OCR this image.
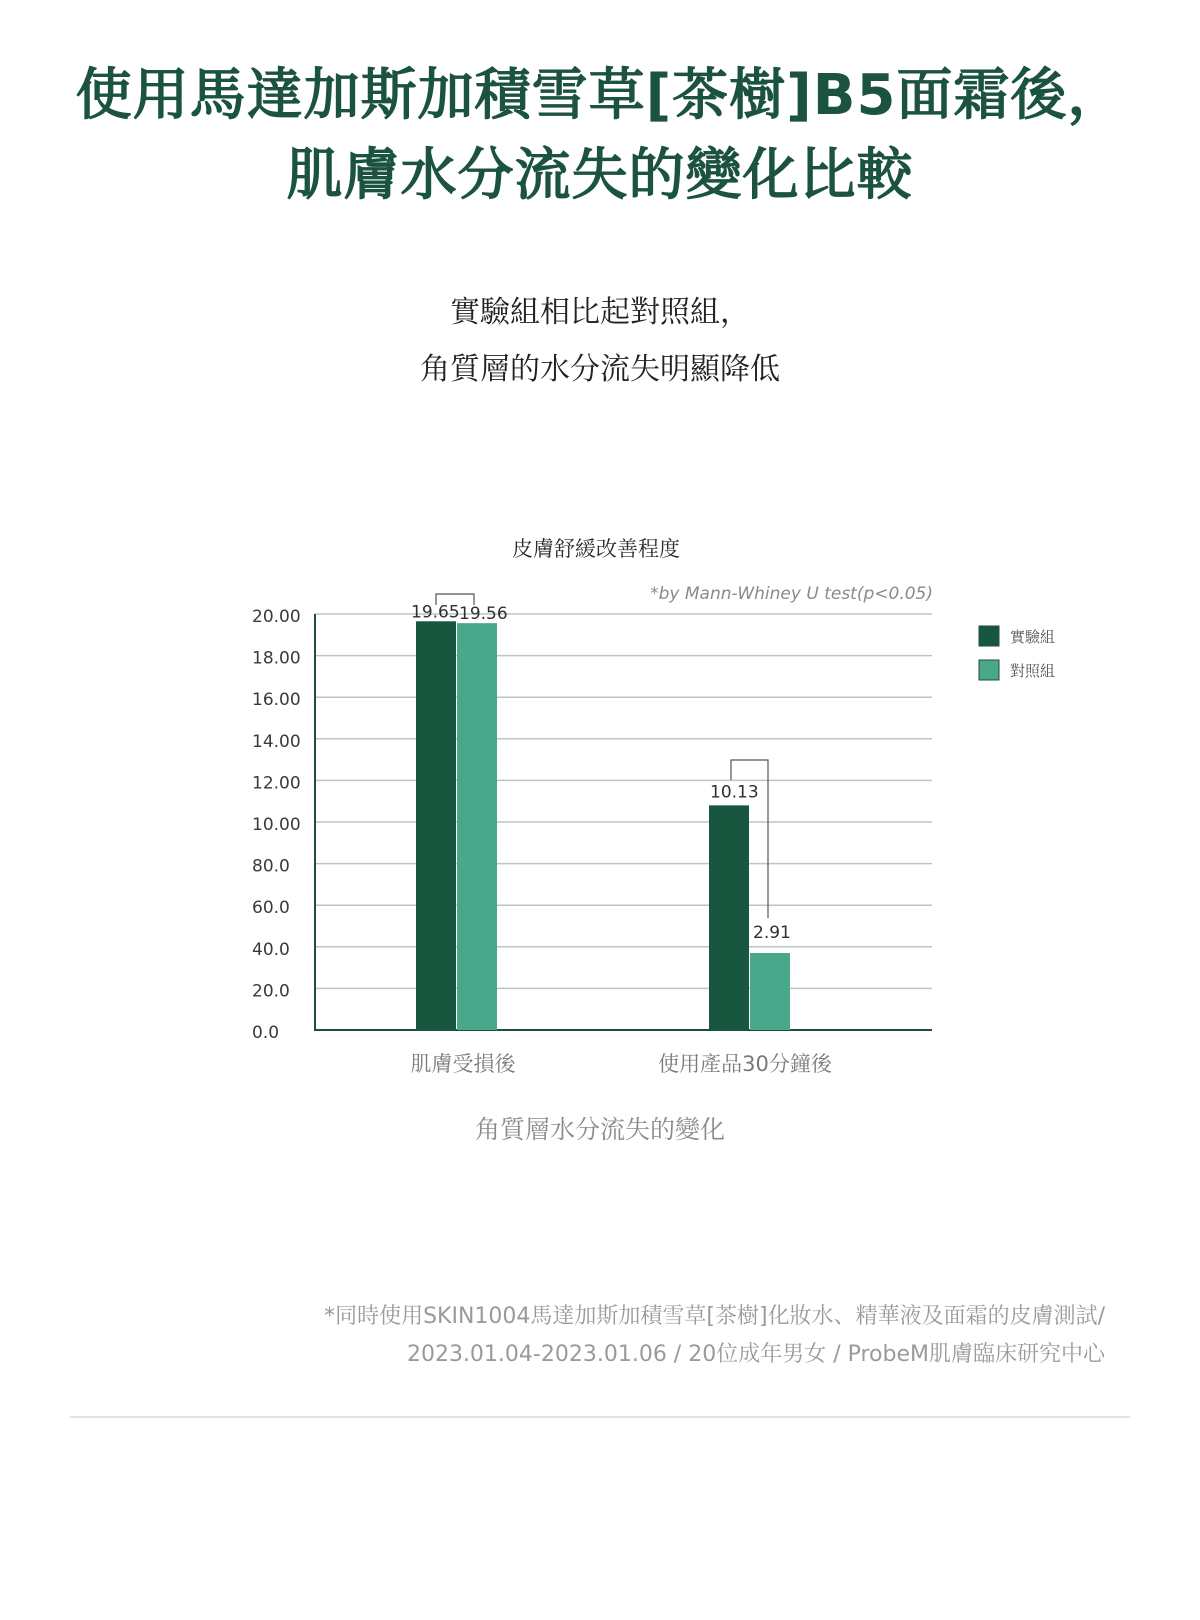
使用馬達加斯加積雪草[茶樹]B5面霜後，
肌膚水分流失的變化比較
實驗組相比起對照組，
角質層的水分流失明顯降低
0.0
20.0
40.0
60.0
80.0
10.00
12.00
14.00
16.00
18.00
20.00	19.65 19.56
10.13
2.91
皮膚舒緩改善程度
*by Mann-Whiney U test(p<0.05)
肌膚受損後	使用產品30分鐘後
實驗組
對照組
角質層水分流失的變化
*同時使用SKIN1004馬達加斯加積雪草[茶樹]化妝水、精華液及面霜的皮膚測試/
2023.01.04-2023.01.06 / 20位成年男女 / ProbeM肌膚臨床研究中心
